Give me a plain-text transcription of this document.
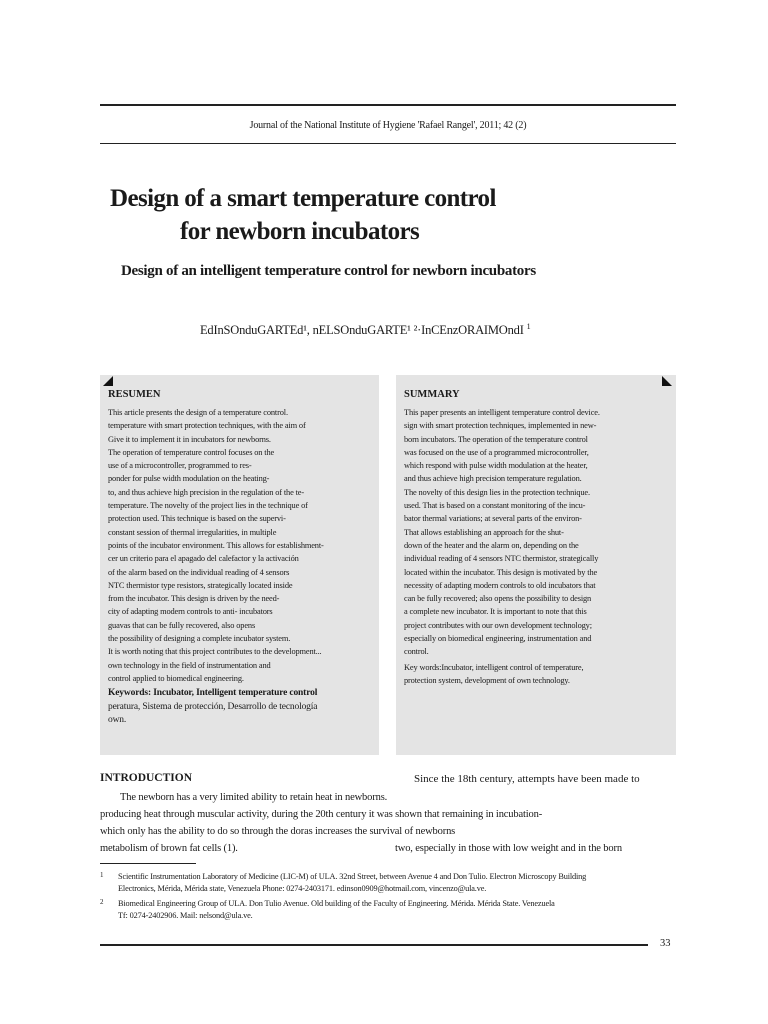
Journal of the National Institute of Hygiene 'Rafael Rangel', 2011; 42 (2)
Design of a smart temperature control
for newborn incubators
Design of an intelligent temperature control for newborn incubators
EdInSOnduGARTEd¹, nELSOnduGARTE¹ ²·InCEnzORAIMOndI $^1$
RESUMEN
This article presents the design of a temperature control.
temperature with smart protection techniques, with the aim of
Give it to implement it in incubators for newborns.
The operation of temperature control focuses on the
use of a microcontroller, programmed to res-
ponder for pulse width modulation on the heating-
to, and thus achieve high precision in the regulation of the te-
temperature. The novelty of the project lies in the technique of
protection used. This technique is based on the supervi-
constant session of thermal irregularities, in multiple
points of the incubator environment. This allows for establishment-
cer un criterio para el apagado del calefactor y la activación
of the alarm based on the individual reading of 4 sensors
NTC thermistor type resistors, strategically located inside
from the incubator. This design is driven by the need-
city of adapting modern controls to anti- incubators
guavas that can be fully recovered, also opens
the possibility of designing a complete incubator system.
It is worth noting that this project contributes to the development...
own technology in the field of instrumentation and
control applied to biomedical engineering.
Keywords: Incubator, Intelligent temperature control
peratura, Sistema de protección, Desarrollo de tecnología
own.
SUMMARY
This paper presents an intelligent temperature control device.
sign with smart protection techniques, implemented in new-
born incubators. The operation of the temperature control
was focused on the use of a programmed microcontroller,
which respond with pulse width modulation at the heater,
and thus achieve high precision temperature regulation.
The novelty of this design lies in the protection technique.
used. That is based on a constant monitoring of the incu-
bator thermal variations; at several parts of the environ-
That allows establishing an approach for the shut-
down of the heater and the alarm on, depending on the
individual reading of 4 sensors NTC thermistor, strategically
located within the incubator. This design is motivated by the
necessity of adapting modern controls to old incubators that
can be fully recovered; also opens the possibility to design
a complete new incubator. It is important to note that this
project contributes with our own development technology;
especially on biomedical engineering, instrumentation and
control.
Key words:Incubator, intelligent control of temperature,
protection system, development of own technology.
INTRODUCTION	Since the 18th century, attempts have been made to
The newborn has a very limited ability to retain heat in newborns.
producing heat through muscular activity, during the 20th century it was shown that remaining in incubation-
which only has the ability to do so through the doras increases the survival of newborns
metabolism of brown fat cells (1).	two, especially in those with low weight and in the born
1 Scientific Instrumentation Laboratory of Medicine (LIC-M) of ULA. 32nd Street, between Avenue 4 and Don Tulio. Electron Microscopy Building
Electronics, Mérida, Mérida state, Venezuela Phone: 0274-2403171. edinson0909@hotmail.com, vincenzo@ula.ve.
2 Biomedical Engineering Group of ULA. Don Tulio Avenue. Old building of the Faculty of Engineering. Mérida. Mérida State. Venezuela
Tf: 0274-2402906. Mail: nelsond@ula.ve.
33
